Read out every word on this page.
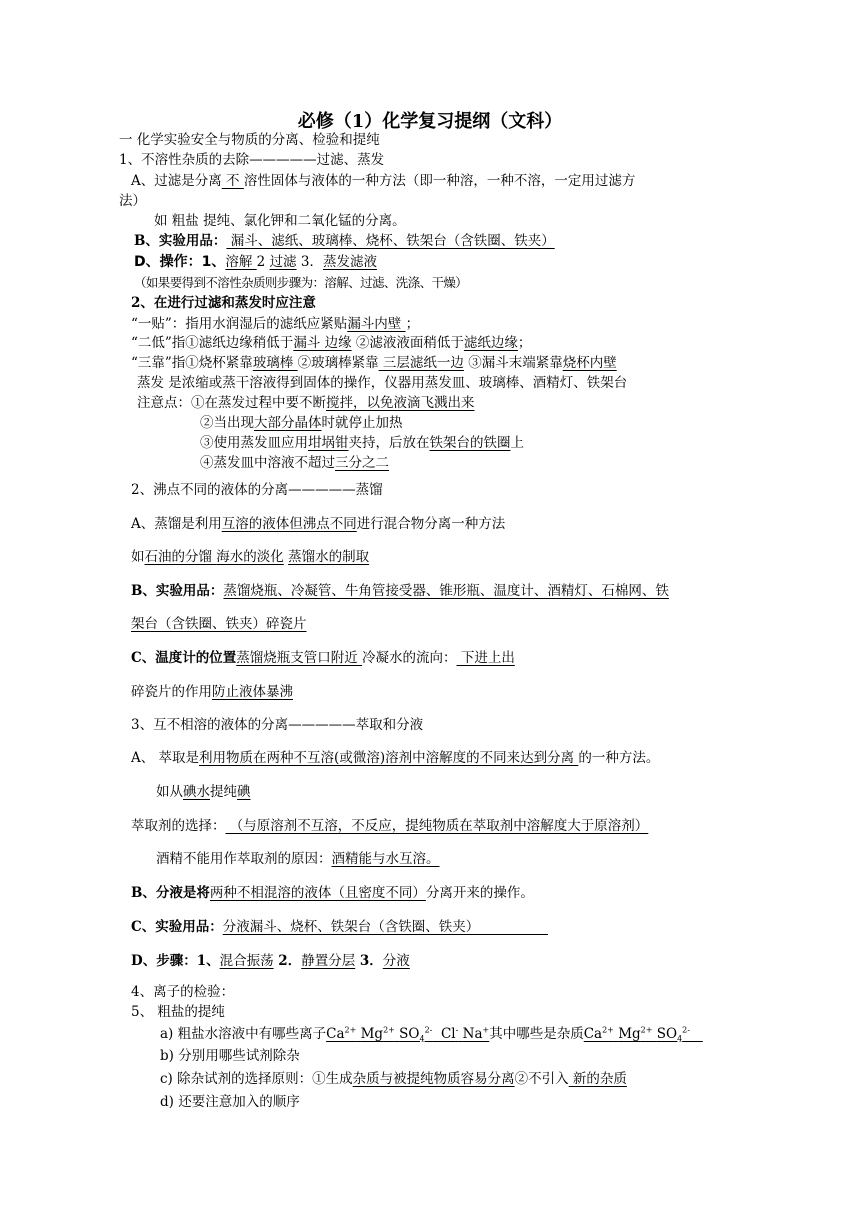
必修（1）化学复习提纲（文科）
一 化学实验安全与物质的分离、检验和提纯
1、不溶性杂质的去除—————过滤、蒸发
A、过滤是分离 不 溶性固体与液体的一种方法（即一种溶，一种不溶，一定用过滤方
法）
如 粗盐 提纯、氯化钾和二氧化锰的分离。
B、实验用品： 漏斗、滤纸、玻璃棒、烧杯、铁架台（含铁圈、铁夹）
D、操作：1、溶解 2 过滤 3．蒸发滤液
（如果要得到不溶性杂质则步骤为：溶解、过滤、洗涤、干燥）
2、在进行过滤和蒸发时应注意
“一贴”：指用水润湿后的滤纸应紧贴漏斗内壁 ；
“二低”指①滤纸边缘稍低于漏斗 边缘 ②滤液液面稍低于滤纸边缘；
“三靠”指①烧杯紧靠玻璃棒 ②玻璃棒紧靠 三层滤纸一边 ③漏斗末端紧靠烧杯内壁
蒸发 是浓缩或蒸干溶液得到固体的操作，仪器用蒸发皿、玻璃棒、酒精灯、铁架台
注意点：①在蒸发过程中要不断搅拌，以免液滴飞溅出来
②当出现大部分晶体时就停止加热
③使用蒸发皿应用坩埚钳夹持，后放在铁架台的铁圈上
④蒸发皿中溶液不超过三分之二
2、沸点不同的液体的分离—————蒸馏
A、蒸馏是利用互溶的液体但沸点不同进行混合物分离一种方法
如石油的分馏 海水的淡化 蒸馏水的制取
B、实验用品：蒸馏烧瓶、冷凝管、牛角管接受器、锥形瓶、温度计、酒精灯、石棉网、铁
架台（含铁圈、铁夹）碎瓷片
C、温度计的位置蒸馏烧瓶支管口附近 冷凝水的流向： 下进上出
碎瓷片的作用防止液体暴沸
3、互不相溶的液体的分离—————萃取和分液
A、 萃取是利用物质在两种不互溶(或微溶)溶剂中溶解度的不同来达到分离 的一种方法。
如从碘水提纯碘
萃取剂的选择： （与原溶剂不互溶，不反应，提纯物质在萃取剂中溶解度大于原溶剂）
酒精不能用作萃取剂的原因：酒精能与水互溶。
B、分液是将两种不相混溶的液体（且密度不同）分离开来的操作。
C、实验用品：分液漏斗、烧杯、铁架台（含铁圈、铁夹）
D、步骤：1、混合振荡 2．静置分层 3．分液
4、离子的检验：
5、 粗盐的提纯
a) 粗盐水溶液中有哪些离子$Ca^{2+}$ $Mg^{2+}$ $SO_4^{2-}$ Cl- Na+其中哪些是杂质$Ca^{2+}$ $Mg^{2+}$ $SO_4^{2-}$
b) 分别用哪些试剂除杂
c) 除杂试剂的选择原则：①生成杂质与被提纯物质容易分离②不引入 新的杂质
d) 还要注意加入的顺序
